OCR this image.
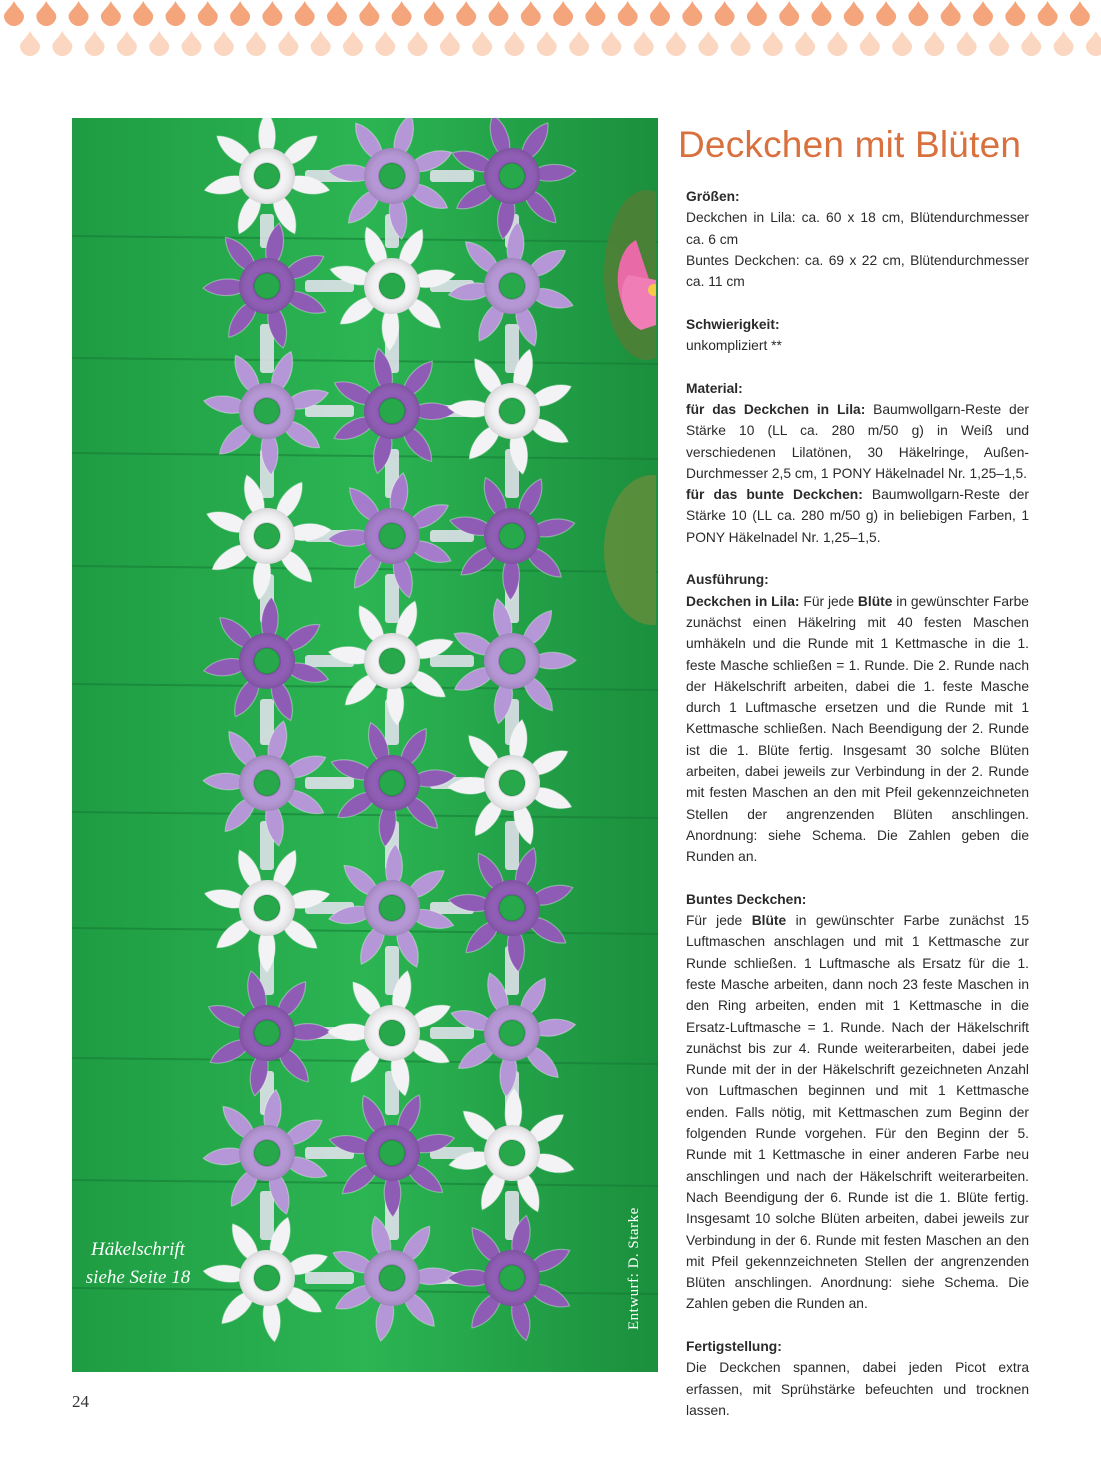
Häkelschrift
siehe Seite 18	Entwurf: D. Starke
Deckchen mit Blüten

Größen:
Deckchen in Lila: ca. 60 x 18 cm, Blütendurchmesser ca. 6 cm
Buntes Deckchen: ca. 69 x 22 cm, Blütendurchmesser ca. 11 cm

Schwierigkeit:
unkompliziert **

Material:
für das Deckchen in Lila: Baumwollgarn-Reste der Stärke 10 (LL ca. 280 m/50 g) in Weiß und verschiedenen Lilatönen, 30 Häkelringe, Außen-Durchmesser 2,5 cm, 1 PONY Häkelnadel Nr. 1,25–1,5.
für das bunte Deckchen: Baumwollgarn-Reste der Stärke 10 (LL ca. 280 m/50 g) in beliebigen Farben, 1 PONY Häkelnadel Nr. 1,25–1,5.

Ausführung:
Deckchen in Lila: Für jede Blüte in gewünschter Farbe zunächst einen Häkelring mit 40 festen Maschen umhäkeln und die Runde mit 1 Kettmasche in die 1. feste Masche schließen = 1. Runde. Die 2. Runde nach der Häkelschrift arbeiten, dabei die 1. feste Masche durch 1 Luftmasche ersetzen und die Runde mit 1 Kettmasche schließen. Nach Beendigung der 2. Runde ist die 1. Blüte fertig. Insgesamt 30 solche Blüten arbeiten, dabei jeweils zur Verbindung in der 2. Runde mit festen Maschen an den mit Pfeil gekennzeichneten Stellen der angrenzenden Blüten anschlingen. Anordnung: siehe Schema. Die Zahlen geben die Runden an.

Buntes Deckchen:
Für jede Blüte in gewünschter Farbe zunächst 15 Luftmaschen anschlagen und mit 1 Kettmasche zur Runde schließen. 1 Luftmasche als Ersatz für die 1. feste Masche arbeiten, dann noch 23 feste Maschen in den Ring arbeiten, enden mit 1 Kettmasche in die Ersatz-Luftmasche = 1. Runde. Nach der Häkelschrift zunächst bis zur 4. Runde weiterarbeiten, dabei jede Runde mit der in der Häkelschrift gezeichneten Anzahl von Luftmaschen beginnen und mit 1 Kettmasche enden. Falls nötig, mit Kettmaschen zum Beginn der folgenden Runde vorgehen. Für den Beginn der 5. Runde mit 1 Kettmasche in einer anderen Farbe neu anschlingen und nach der Häkelschrift weiterarbeiten. Nach Beendigung der 6. Runde ist die 1. Blüte fertig. Insgesamt 10 solche Blüten arbeiten, dabei jeweils zur Verbindung in der 6. Runde mit festen Maschen an den mit Pfeil gekennzeichneten Stellen der angrenzenden Blüten anschlingen. Anordnung: siehe Schema. Die Zahlen geben die Runden an.

Fertigstellung:
Die Deckchen spannen, dabei jeden Picot extra erfassen, mit Sprühstärke befeuchten und trocknen lassen.

24
